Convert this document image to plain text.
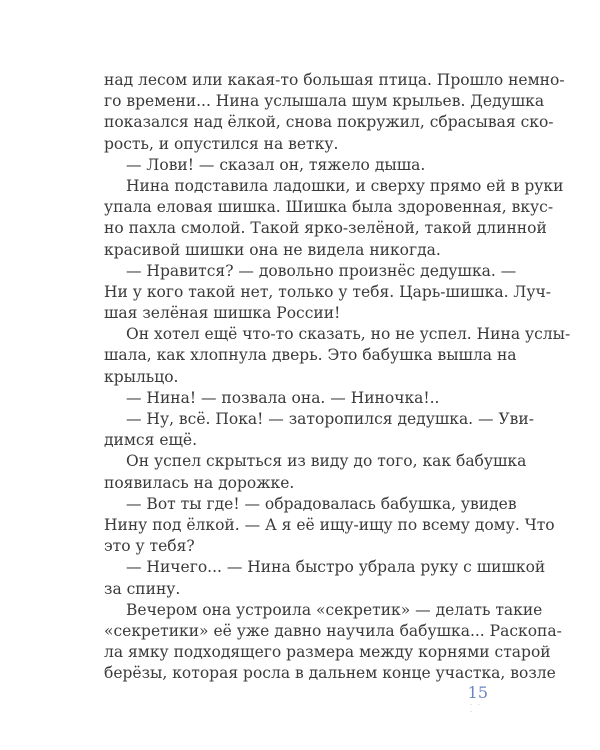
над лесом или какая-то большая птица. Прошло немно-
го времени... Нина услышала шум крыльев. Дедушка
показался над ёлкой, снова покружил, сбрасывая ско-
рость, и опустился на ветку.
— Лови! — сказал он, тяжело дыша.
Нина подставила ладошки, и сверху прямо ей в руки
упала еловая шишка. Шишка была здоровенная, вкус-
но пахла смолой. Такой ярко-зелёной, такой длинной
красивой шишки она не видела никогда.
— Нравится? — довольно произнёс дедушка. —
Ни у кого такой нет, только у тебя. Царь-шишка. Луч-
шая зелёная шишка России!
Он хотел ещё что-то сказать, но не успел. Нина услы-
шала, как хлопнула дверь. Это бабушка вышла на
крыльцо.
— Нина! — позвала она. — Ниночка!..
— Ну, всё. Пока! — заторопился дедушка. — Уви-
димся ещё.
Он успел скрыться из виду до того, как бабушка
появилась на дорожке.
— Вот ты где! — обрадовалась бабушка, увидев
Нину под ёлкой. — А я её ищу-ищу по всему дому. Что
это у тебя?
— Ничего... — Нина быстро убрала руку с шишкой
за спину.
Вечером она устроила «секретик» — делать такие
«секретики» её уже давно научила бабушка... Раскопа-
ла ямку подходящего размера между корнями старой
берёзы, которая росла в дальнем конце участка, возле
15
· · ·
